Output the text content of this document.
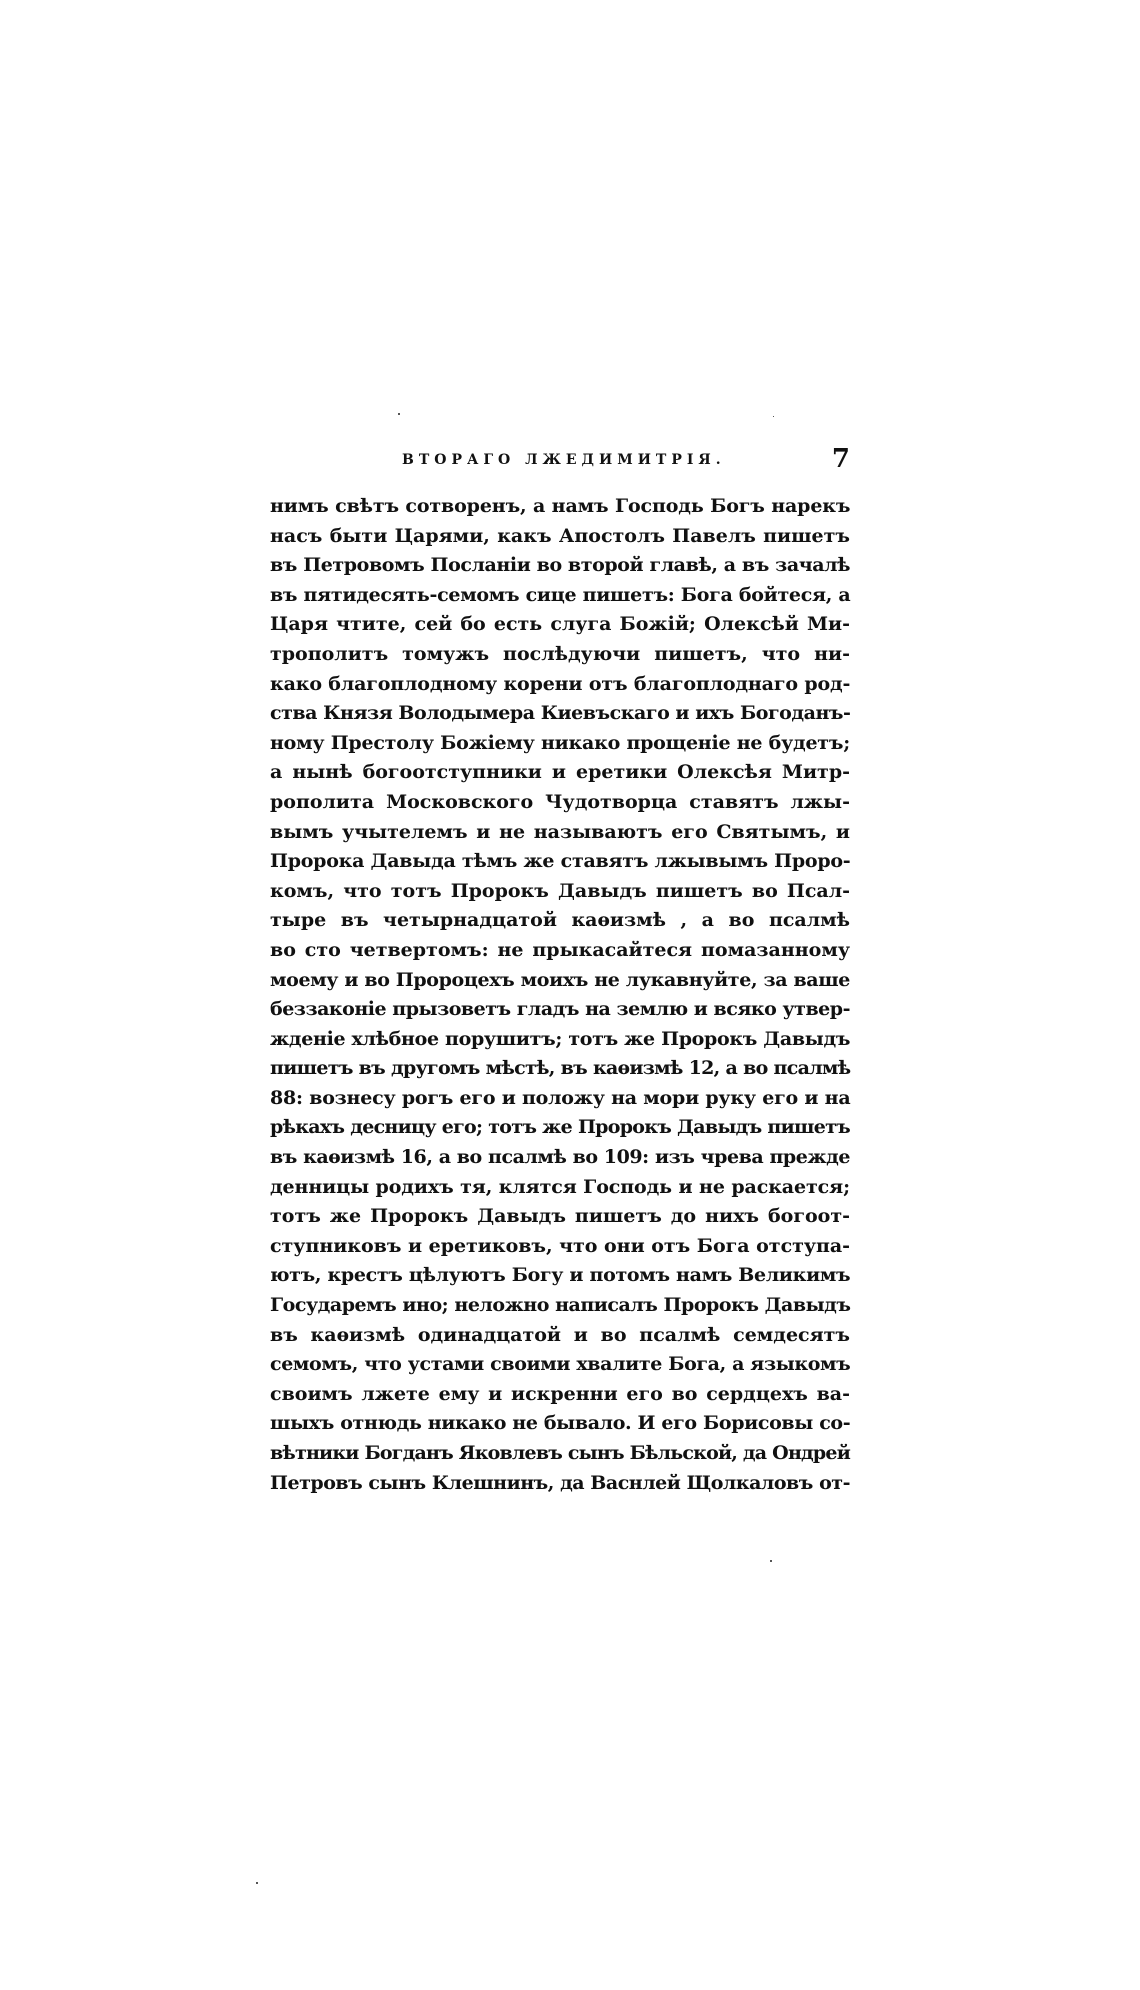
ВТОРАГО ЛЖЕДИМИТРІЯ.	7
нимъ свѣтъ сотворенъ, а намъ Господь Богъ нарекъ
насъ быти Царями, какъ Апостолъ Павелъ пишетъ
въ Петровомъ Посланіи во второй главѣ, а въ зачалѣ
въ пятидесять-семомъ сице пишетъ: Бога бойтеся, а
Царя чтите, сей бо есть слуга Божій; Олексѣй Ми-
трополитъ томужъ послѣдуючи пишетъ, что ни-
како благоплодному корени отъ благоплоднаго род-
ства Князя Володымера Киевъскаго и ихъ Богоданъ-
ному Престолу Божіему никако прощеніе не будетъ;
а нынѣ богоотступники и еретики Олексѣя Митр-
рополита Московского Чудотворца ставятъ лжы-
вымъ учытелемъ и не называютъ его Святымъ, и
Пророка Давыда тѣмъ же ставятъ лжывымъ Проро-
комъ, что тотъ Пророкъ Давыдъ пишетъ во Псал-
тыре въ четырнадцатой каѳизмѣ , а во псалмѣ
во сто четвертомъ: не прыкасайтеся помазанному
моему и во Пророцехъ моихъ не лукавнуйте, за ваше
беззаконіе прызоветъ гладъ на землю и всяко утвер-
жденіе хлѣбное порушитъ; тотъ же Пророкъ Давыдъ
пишетъ въ другомъ мѣстѣ, въ каѳизмѣ 12, а во псалмѣ
88: вознесу рогъ его и положу на мори руку его и на
рѣкахъ десницу его; тотъ же Пророкъ Давыдъ пишетъ
въ каѳизмѣ 16, а во псалмѣ во 109: изъ чрева прежде
денницы родихъ тя, клятся Господь и не раскается;
тотъ же Пророкъ Давыдъ пишетъ до нихъ богоот-
ступниковъ и еретиковъ, что они отъ Бога отступа-
ютъ, крестъ цѣлуютъ Богу и потомъ намъ Великимъ
Государемъ ино; неложно написалъ Пророкъ Давыдъ
въ каѳизмѣ одинадцатой и во псалмѣ семдесятъ
семомъ, что устами своими хвалите Бога, а языкомъ
своимъ лжете ему и искренни его во сердцехъ ва-
шыхъ отнюдь никако не бывало. И его Борисовы со-
вѣтники Богданъ Яковлевъ сынъ Бѣльской, да Ондрей
Петровъ сынъ Клешнинъ, да Васнлей Щолкаловъ от-
